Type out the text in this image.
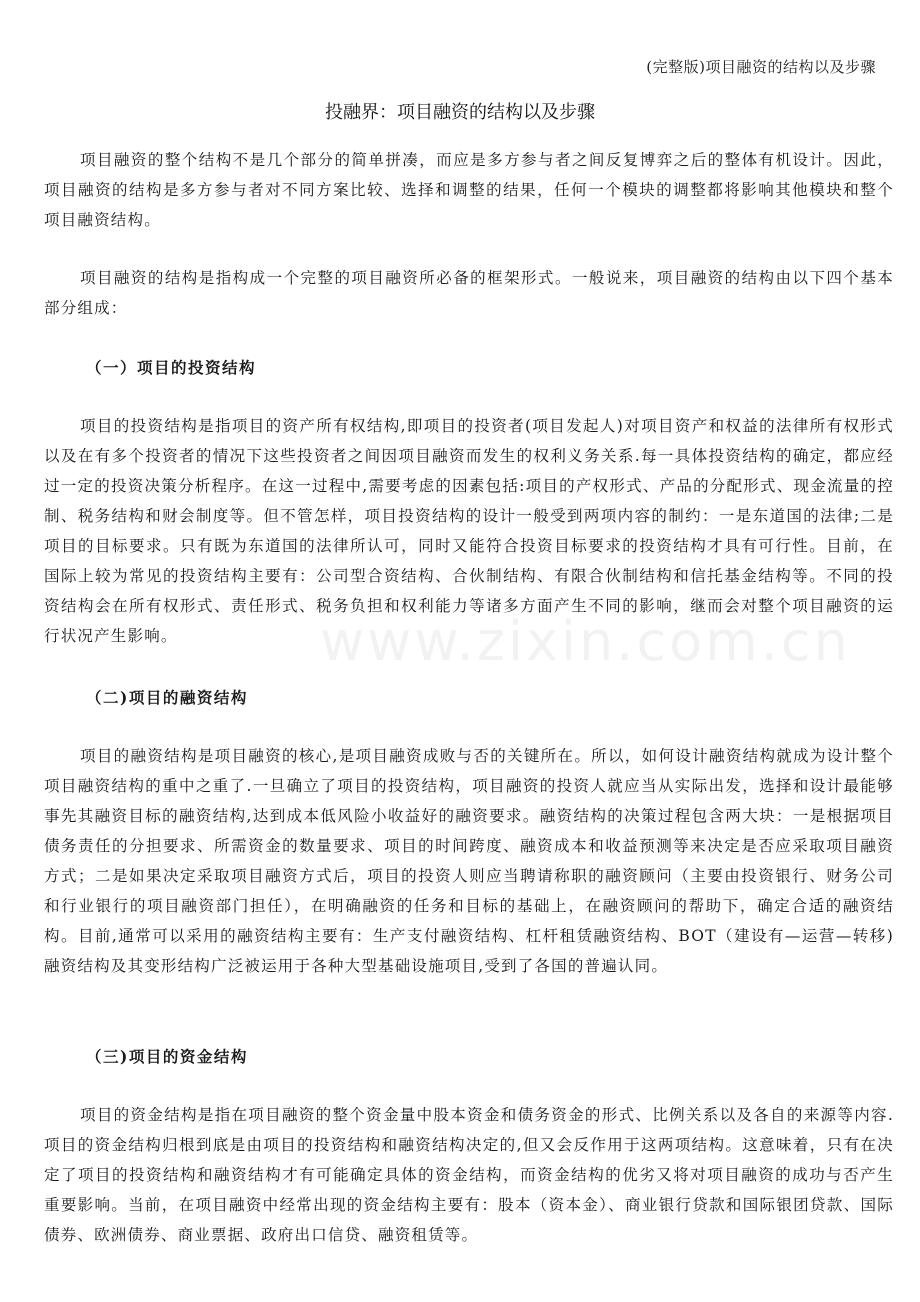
(完整版)项目融资的结构以及步骤
投融界：项目融资的结构以及步骤

项目融资的整个结构不是几个部分的简单拼凑，而应是多方参与者之间反复博弈之后的整体有机设计。因此，项目融资的结构是多方参与者对不同方案比较、选择和调整的结果，任何一个模块的调整都将影响其他模块和整个项目融资结构。

项目融资的结构是指构成一个完整的项目融资所必备的框架形式。一般说来，项目融资的结构由以下四个基本部分组成：

（一）项目的投资结构

项目的投资结构是指项目的资产所有权结构,即项目的投资者(项目发起人)对项目资产和权益的法律所有权形式以及在有多个投资者的情况下这些投资者之间因项目融资而发生的权利义务关系.每一具体投资结构的确定，都应经过一定的投资决策分析程序。在这一过程中,需要考虑的因素包括:项目的产权形式、产品的分配形式、现金流量的控制、税务结构和财会制度等。但不管怎样，项目投资结构的设计一般受到两项内容的制约：一是东道国的法律;二是项目的目标要求。只有既为东道国的法律所认可，同时又能符合投资目标要求的投资结构才具有可行性。目前，在国际上较为常见的投资结构主要有：公司型合资结构、合伙制结构、有限合伙制结构和信托基金结构等。不同的投资结构会在所有权形式、责任形式、税务负担和权利能力等诸多方面产生不同的影响，继而会对整个项目融资的运行状况产生影响。

（二)项目的融资结构

项目的融资结构是项目融资的核心,是项目融资成败与否的关键所在。所以，如何设计融资结构就成为设计整个项目融资结构的重中之重了.一旦确立了项目的投资结构，项目融资的投资人就应当从实际出发，选择和设计最能够事先其融资目标的融资结构,达到成本低风险小收益好的融资要求。融资结构的决策过程包含两大块：一是根据项目债务责任的分担要求、所需资金的数量要求、项目的时间跨度、融资成本和收益预测等来决定是否应采取项目融资方式；二是如果决定采取项目融资方式后，项目的投资人则应当聘请称职的融资顾问（主要由投资银行、财务公司和行业银行的项目融资部门担任），在明确融资的任务和目标的基础上，在融资顾问的帮助下，确定合适的融资结构。目前,通常可以采用的融资结构主要有：生产支付融资结构、杠杆租赁融资结构、BOT（建设有—运营—转移)融资结构及其变形结构广泛被运用于各种大型基础设施项目,受到了各国的普遍认同。

（三)项目的资金结构

项目的资金结构是指在项目融资的整个资金量中股本资金和债务资金的形式、比例关系以及各自的来源等内容.项目的资金结构归根到底是由项目的投资结构和融资结构决定的,但又会反作用于这两项结构。这意味着，只有在决定了项目的投资结构和融资结构才有可能确定具体的资金结构，而资金结构的优劣又将对项目融资的成功与否产生重要影响。当前，在项目融资中经常出现的资金结构主要有：股本（资本金）、商业银行贷款和国际银团贷款、国际债券、欧洲债券、商业票据、政府出口信贷、融资租赁等。

www.zixin.com.cn
